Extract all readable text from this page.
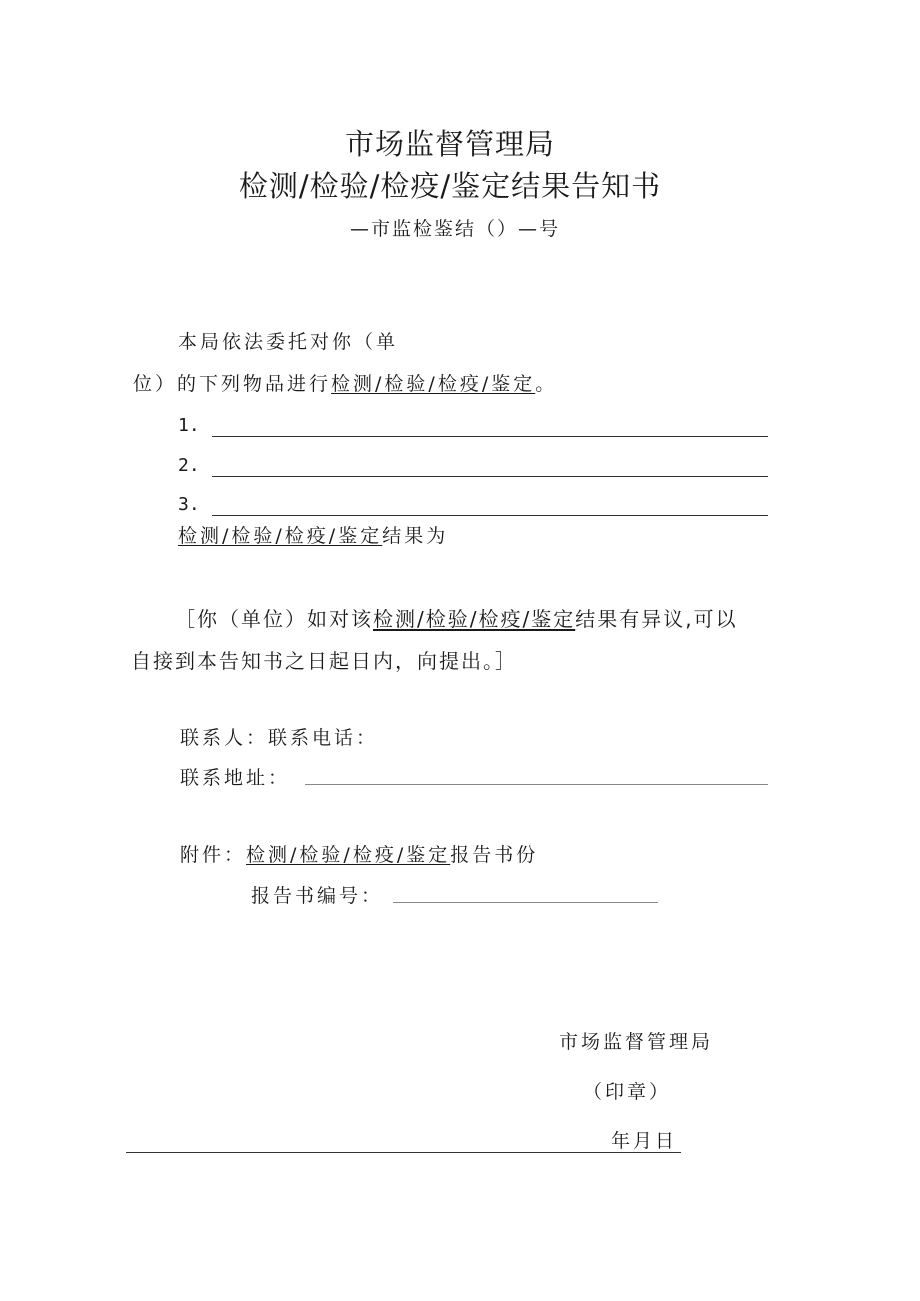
市场监督管理局
检测/检验/检疫/鉴定结果告知书
—市监检鉴结（）—号
本局依法委托对你（单
位）的下列物品进行检测/检验/检疫/鉴定。
1.
2.
3.
检测/检验/检疫/鉴定结果为
［你（单位）如对该检测/检验/检疫/鉴定结果有异议,可以
自接到本告知书之日起日内，向提出。］
联系人：联系电话：
联系地址：
附件：检测/检验/检疫/鉴定报告书份
报告书编号：
市场监督管理局
（印章）
年月日
